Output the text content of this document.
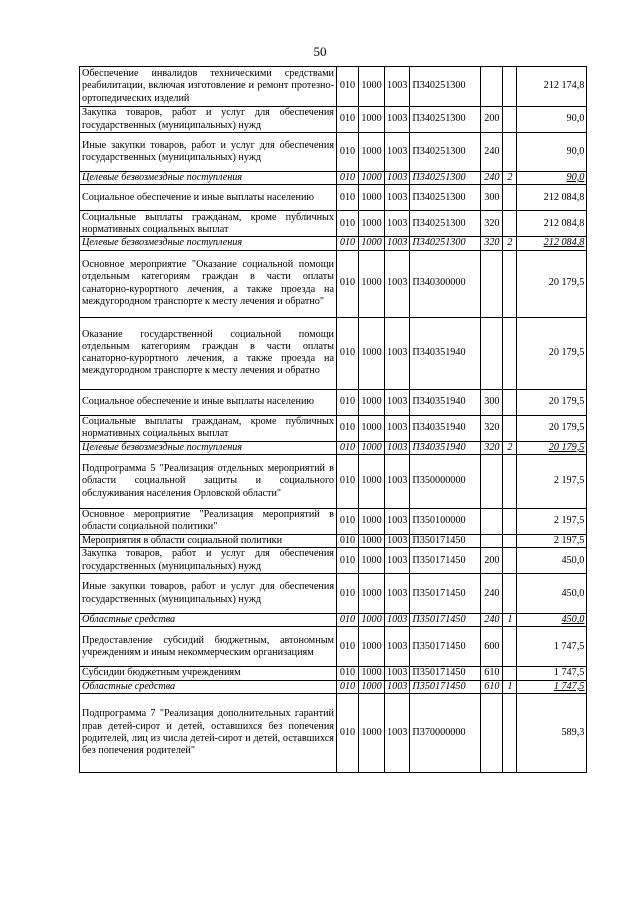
50
Обеспечение инвалидов техническими средствами реабилитации, включая изготовление и ремонт протезно-ортопедических изделий	010	1000	1003	П340251300			212 174,8
Закупка товаров, работ и услуг для обеспечения государственных (муниципальных) нужд	010	1000	1003	П340251300	200		90,0
Иные закупки товаров, работ и услуг для обеспечения государственных (муниципальных) нужд	010	1000	1003	П340251300	240		90,0
Целевые безвозмездные поступления	010	1000	1003	П340251300	240	2	90,0
Социальное обеспечение и иные выплаты населению	010	1000	1003	П340251300	300		212 084,8
Социальные выплаты гражданам, кроме публичных нормативных социальных выплат	010	1000	1003	П340251300	320		212 084,8
Целевые безвозмездные поступления	010	1000	1003	П340251300	320	2	212 084,8
Основное мероприятие "Оказание социальной помощи отдельным категориям граждан в части оплаты санаторно-курортного лечения, а также проезда на междугородном транспорте к месту лечения и обратно"	010	1000	1003	П340300000			20 179,5
Оказание государственной социальной помощи отдельным категориям граждан в части оплаты санаторно-курортного лечения, а также проезда на междугородном транспорте к месту лечения и обратно	010	1000	1003	П340351940			20 179,5
Социальное обеспечение и иные выплаты населению	010	1000	1003	П340351940	300		20 179,5
Социальные выплаты гражданам, кроме публичных нормативных социальных выплат	010	1000	1003	П340351940	320		20 179,5
Целевые безвозмездные поступления	010	1000	1003	П340351940	320	2	20 179,5
Подпрограмма 5 "Реализация отдельных мероприятий в области социальной защиты и социального обслуживания населения Орловской области"	010	1000	1003	П350000000			2 197,5
Основное мероприятие "Реализация мероприятий в области социальной политики"	010	1000	1003	П350100000			2 197,5
Мероприятия в области социальной политики	010	1000	1003	П350171450			2 197,5
Закупка товаров, работ и услуг для обеспечения государственных (муниципальных) нужд	010	1000	1003	П350171450	200		450,0
Иные закупки товаров, работ и услуг для обеспечения государственных (муниципальных) нужд	010	1000	1003	П350171450	240		450,0
Областные средства	010	1000	1003	П350171450	240	1	450,0
Предоставление субсидий бюджетным, автономным учреждениям и иным некоммерческим организациям	010	1000	1003	П350171450	600		1 747,5
Субсидии бюджетным учреждениям	010	1000	1003	П350171450	610		1 747,5
Областные средства	010	1000	1003	П350171450	610	1	1 747,5
Подпрограмма 7 "Реализация дополнительных гарантий прав детей-сирот и детей, оставшихся без попечения родителей, лиц из числа детей-сирот и детей, оставшихся без попечения родителей"	010	1000	1003	П370000000			589,3
